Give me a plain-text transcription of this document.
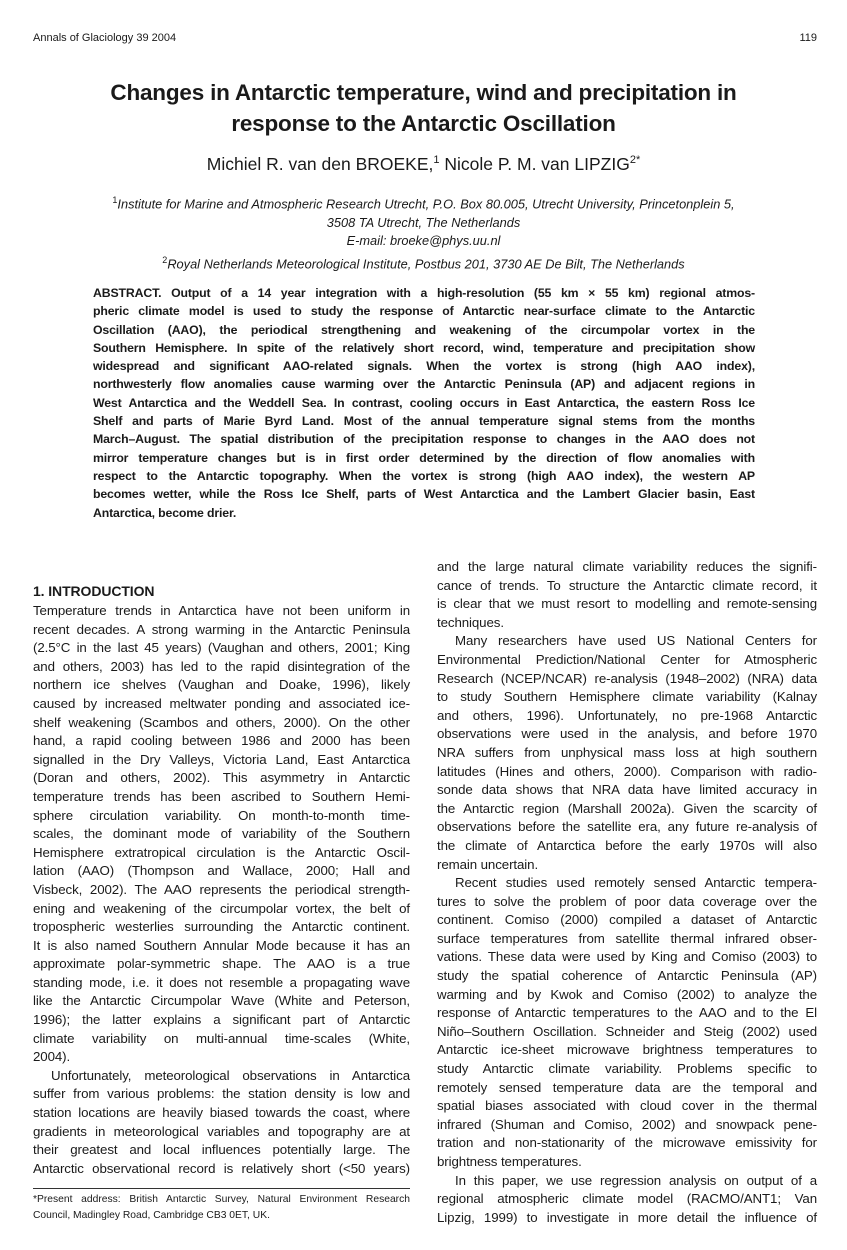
Annals of Glaciology 39 2004	119
Changes in Antarctic temperature, wind and precipitation in
response to the Antarctic Oscillation
Michiel R. van den BROEKE,$^1$ Nicole P. M. van $LIPZIG^{2*}$
$^1$Institute for Marine and Atmospheric Research Utrecht, P.O. Box 80.005, Utrecht University, Princetonplein 5,
3508 TA Utrecht, The Netherlands
E-mail: broeke@phys.uu.nl
$^2$Royal Netherlands Meteorological Institute, Postbus 201, 3730 AE De Bilt, The Netherlands
ABSTRACT. Output of a 14 year integration with a high-resolution (55 km × 55 km) regional atmos-
pheric climate model is used to study the response of Antarctic near-surface climate to the Antarctic
Oscillation (AAO), the periodical strengthening and weakening of the circumpolar vortex in the
Southern Hemisphere. In spite of the relatively short record, wind, temperature and precipitation show
widespread and significant AAO-related signals. When the vortex is strong (high AAO index),
northwesterly flow anomalies cause warming over the Antarctic Peninsula (AP) and adjacent regions in
West Antarctica and the Weddell Sea. In contrast, cooling occurs in East Antarctica, the eastern Ross Ice
Shelf and parts of Marie Byrd Land. Most of the annual temperature signal stems from the months
March–August. The spatial distribution of the precipitation response to changes in the AAO does not
mirror temperature changes but is in first order determined by the direction of flow anomalies with
respect to the Antarctic topography. When the vortex is strong (high AAO index), the western AP
becomes wetter, while the Ross Ice Shelf, parts of West Antarctica and the Lambert Glacier basin, East
Antarctica, become drier.
1. INTRODUCTION
Temperature trends in Antarctica have not been uniform in
recent decades. A strong warming in the Antarctic Peninsula
(2.5°C in the last 45 years) (Vaughan and others, 2001; King
and others, 2003) has led to the rapid disintegration of the
northern ice shelves (Vaughan and Doake, 1996), likely
caused by increased meltwater ponding and associated ice-
shelf weakening (Scambos and others, 2000). On the other
hand, a rapid cooling between 1986 and 2000 has been
signalled in the Dry Valleys, Victoria Land, East Antarctica
(Doran and others, 2002). This asymmetry in Antarctic
temperature trends has been ascribed to Southern Hemi-
sphere circulation variability. On month-to-month time-
scales, the dominant mode of variability of the Southern
Hemisphere extratropical circulation is the Antarctic Oscil-
lation (AAO) (Thompson and Wallace, 2000; Hall and
Visbeck, 2002). The AAO represents the periodical strength-
ening and weakening of the circumpolar vortex, the belt of
tropospheric westerlies surrounding the Antarctic continent.
It is also named Southern Annular Mode because it has an
approximate polar-symmetric shape. The AAO is a true
standing mode, i.e. it does not resemble a propagating wave
like the Antarctic Circumpolar Wave (White and Peterson,
1996); the latter explains a significant part of Antarctic
climate variability on multi-annual time-scales (White,
2004).
Unfortunately, meteorological observations in Antarctica
suffer from various problems: the station density is low and
station locations are heavily biased towards the coast, where
gradients in meteorological variables and topography are at
their greatest and local influences potentially large. The
Antarctic observational record is relatively short (<50 years)
and the large natural climate variability reduces the signifi-
cance of trends. To structure the Antarctic climate record, it
is clear that we must resort to modelling and remote-sensing
techniques.
Many researchers have used US National Centers for
Environmental Prediction/National Center for Atmospheric
Research (NCEP/NCAR) re-analysis (1948–2002) (NRA) data
to study Southern Hemisphere climate variability (Kalnay
and others, 1996). Unfortunately, no pre-1968 Antarctic
observations were used in the analysis, and before 1970
NRA suffers from unphysical mass loss at high southern
latitudes (Hines and others, 2000). Comparison with radio-
sonde data shows that NRA data have limited accuracy in
the Antarctic region (Marshall 2002a). Given the scarcity of
observations before the satellite era, any future re-analysis of
the climate of Antarctica before the early 1970s will also
remain uncertain.
Recent studies used remotely sensed Antarctic tempera-
tures to solve the problem of poor data coverage over the
continent. Comiso (2000) compiled a dataset of Antarctic
surface temperatures from satellite thermal infrared obser-
vations. These data were used by King and Comiso (2003) to
study the spatial coherence of Antarctic Peninsula (AP)
warming and by Kwok and Comiso (2002) to analyze the
response of Antarctic temperatures to the AAO and to the El
Niño–Southern Oscillation. Schneider and Steig (2002) used
Antarctic ice-sheet microwave brightness temperatures to
study Antarctic climate variability. Problems specific to
remotely sensed temperature data are the temporal and
spatial biases associated with cloud cover in the thermal
infrared (Shuman and Comiso, 2002) and snowpack pene-
tration and non-stationarity of the microwave emissivity for
brightness temperatures.
In this paper, we use regression analysis on output of a
regional atmospheric climate model (RACMO/ANT1; Van
Lipzig, 1999) to investigate in more detail the influence of
*Present address: British Antarctic Survey, Natural Environment Research
Council, Madingley Road, Cambridge CB3 0ET, UK.
